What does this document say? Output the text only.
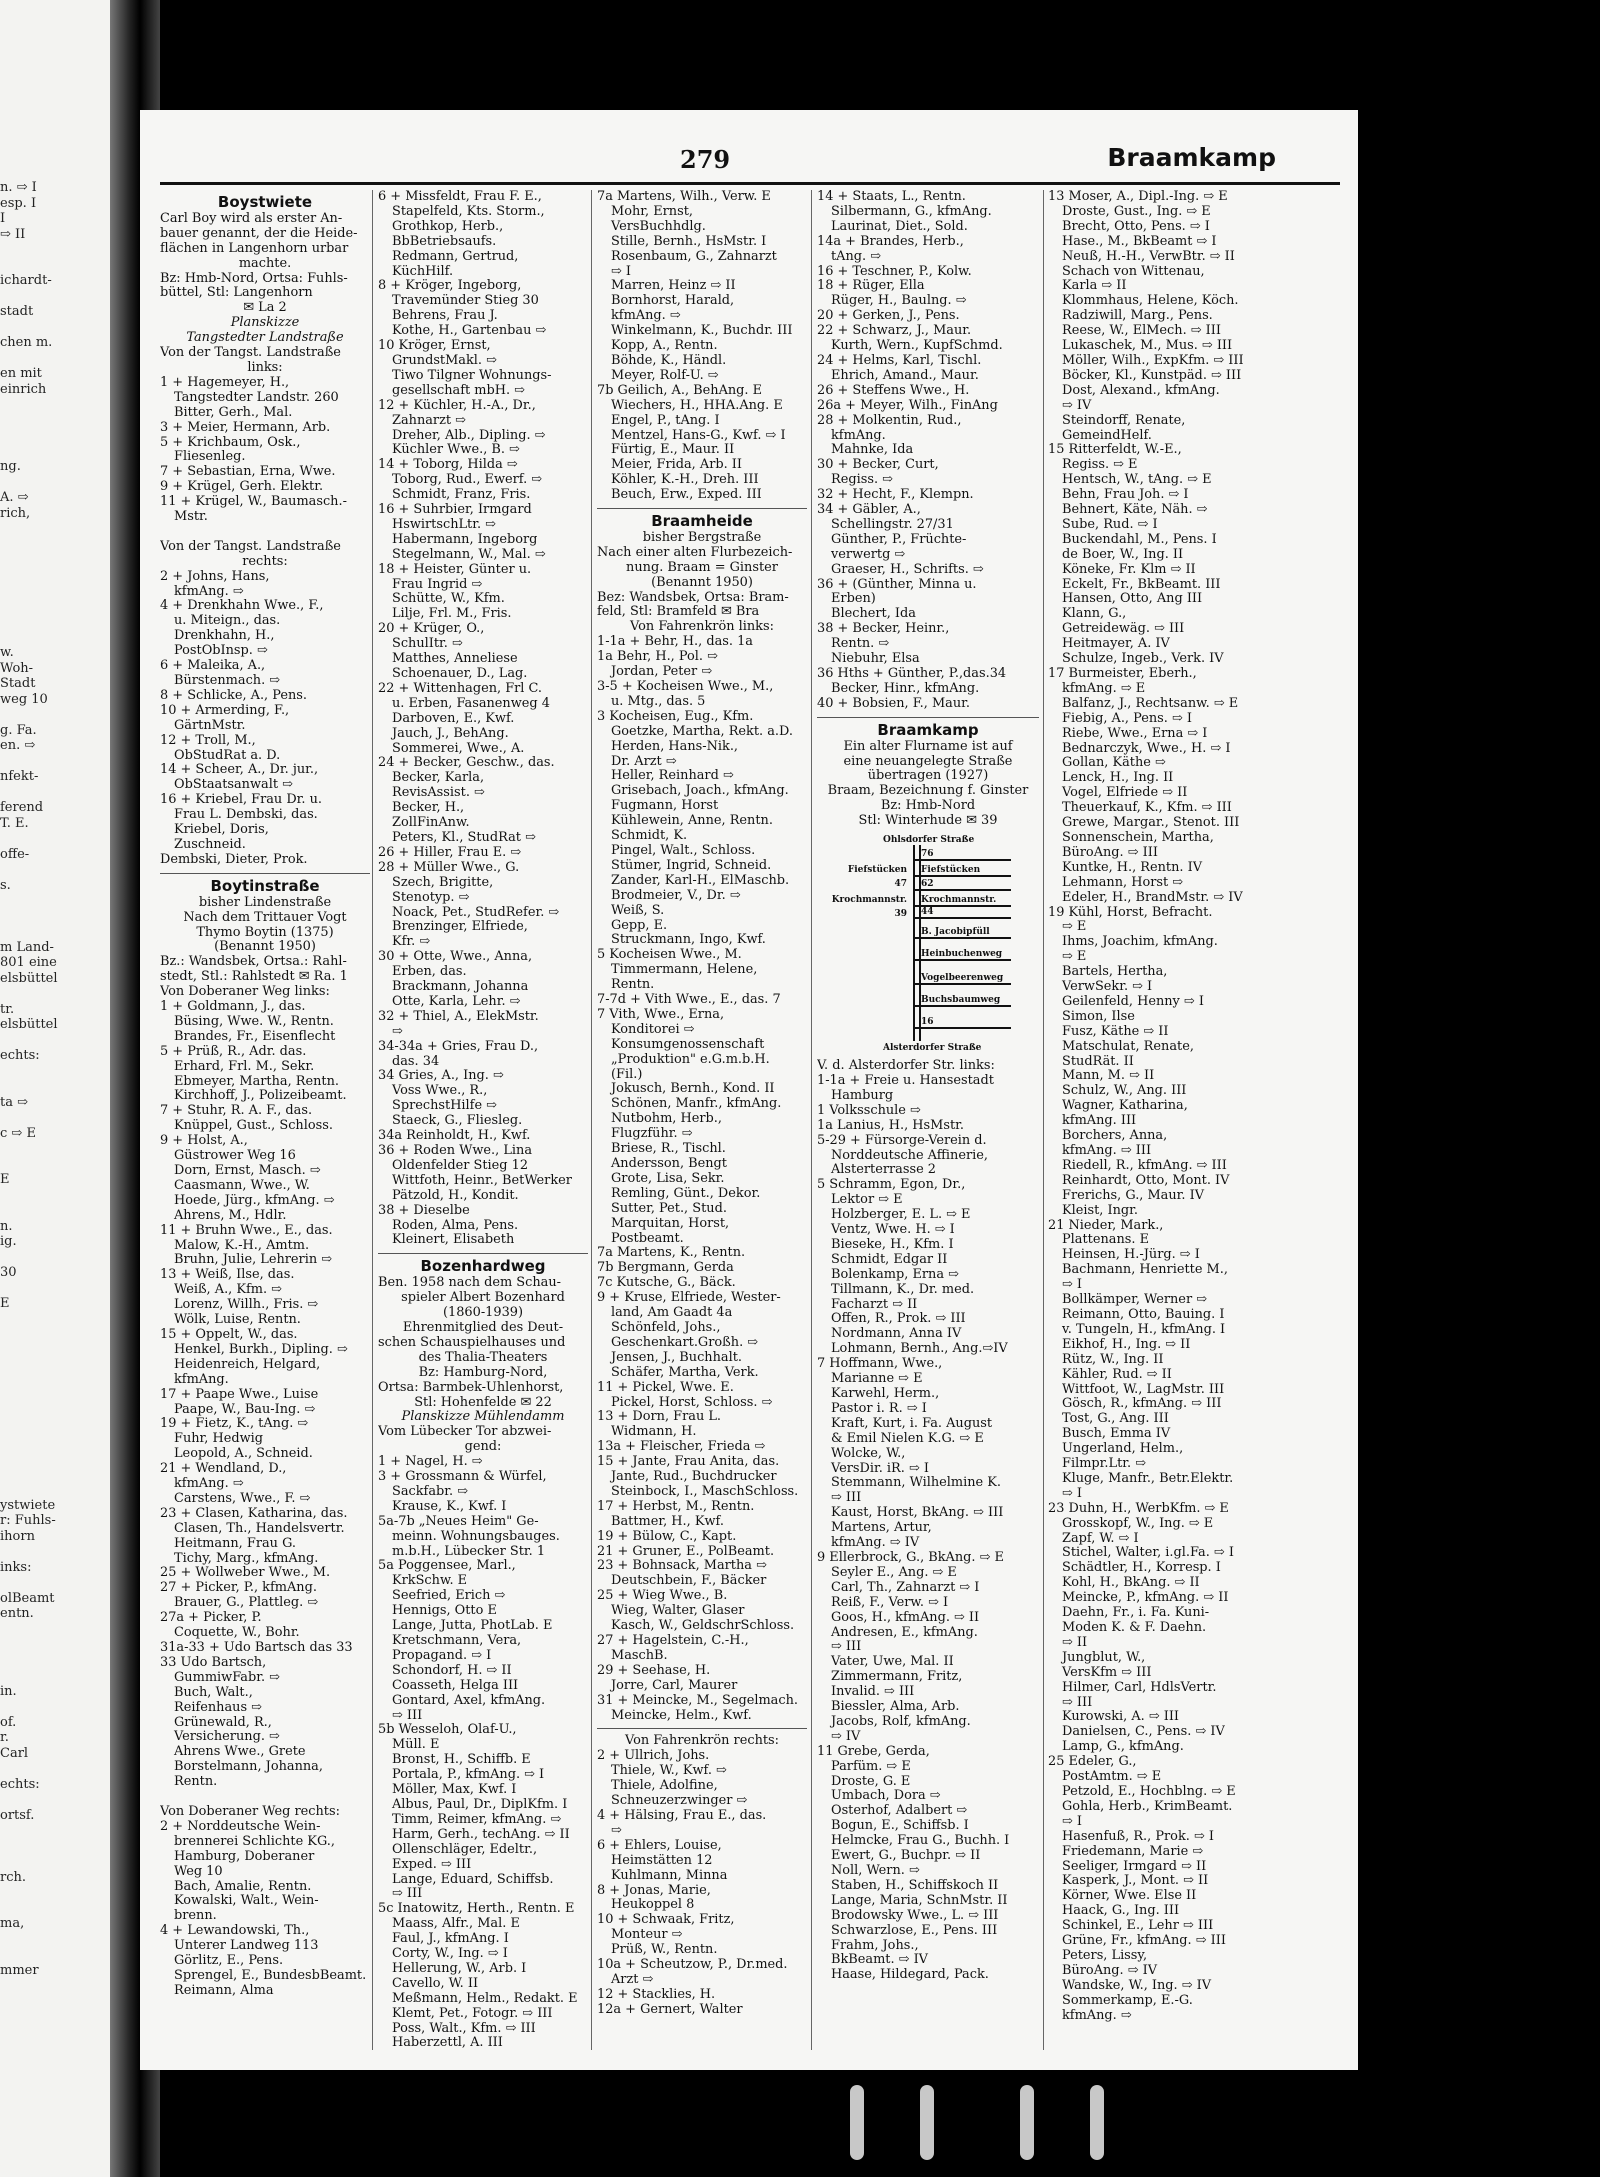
n. ⇨ I
esp. I
I
⇨ II

ichardt-

stadt

chen m.

en mit
einrich

ng.

A. ⇨
rich,

w.
Woh-
Stadt
weg 10

g. Fa.
en. ⇨

nfekt-

ferend
T. E.

offe-

s.

m Land-
801 eine
elsbüttel

tr.
elsbüttel

echts:

ta ⇨

c ⇨ E

E

n.
ig.

30

E

ystwiete
r: Fuhls-
ihorn

inks:

olBeamt
entn.

in.

of.
r.
Carl

echts:

ortsf.

rch.

ma,

mmer
279	Braamkamp
Boystwiete
Carl Boy wird als erster An-
bauer genannt, der die Heide-
flächen in Langenhorn urbar
machte.
Bz: Hmb-Nord, Ortsa: Fuhls-
büttel, Stl: Langenhorn
✉ La 2
Planskizze
Tangstedter Landstraße
Von der Tangst. Landstraße
links:
1 + Hagemeyer, H.,
Tangstedter Landstr. 260
Bitter, Gerh., Mal.
3 + Meier, Hermann, Arb.
5 + Krichbaum, Osk.,
Fliesenleg.
7 + Sebastian, Erna, Wwe.
9 + Krügel, Gerh. Elektr.
11 + Krügel, W., Baumasch.-
Mstr.

Von der Tangst. Landstraße
rechts:
2 + Johns, Hans,
kfmAng. ⇨
4 + Drenkhahn Wwe., F.,
u. Miteign., das.
Drenkhahn, H.,
PostObInsp. ⇨
6 + Maleika, A.,
Bürstenmach. ⇨
8 + Schlicke, A., Pens.
10 + Armerding, F.,
GärtnMstr.
12 + Troll, M.,
ObStudRat a. D.
14 + Scheer, A., Dr. jur.,
ObStaatsanwalt ⇨
16 + Kriebel, Frau Dr. u.
Frau L. Dembski, das.
Kriebel, Doris,
Zuschneid.
Dembski, Dieter, Prok.
Boytinstraße
bisher Lindenstraße
Nach dem Trittauer Vogt
Thymo Boytin (1375)
(Benannt 1950)
Bz.: Wandsbek, Ortsa.: Rahl-
stedt, Stl.: Rahlstedt ✉ Ra. 1
Von Doberaner Weg links:
1 + Goldmann, J., das.
Büsing, Wwe. W., Rentn.
Brandes, Fr., Eisenflecht
5 + Prüß, R., Adr. das.
Erhard, Frl. M., Sekr.
Ebmeyer, Martha, Rentn.
Kirchhoff, J., Polizeibeamt.
7 + Stuhr, R. A. F., das.
Knüppel, Gust., Schloss.
9 + Holst, A.,
Güstrower Weg 16
Dorn, Ernst, Masch. ⇨
Caasmann, Wwe., W.
Hoede, Jürg., kfmAng. ⇨
Ahrens, M., Hdlr.
11 + Bruhn Wwe., E., das.
Malow, K.-H., Amtm.
Bruhn, Julie, Lehrerin ⇨
13 + Weiß, Ilse, das.
Weiß, A., Kfm. ⇨
Lorenz, Willh., Fris. ⇨
Wölk, Luise, Rentn.
15 + Oppelt, W., das.
Henkel, Burkh., Dipling. ⇨
Heidenreich, Helgard,
kfmAng.
17 + Paape Wwe., Luise
Paape, W., Bau-Ing. ⇨
19 + Fietz, K., tAng. ⇨
Fuhr, Hedwig
Leopold, A., Schneid.
21 + Wendland, D.,
kfmAng. ⇨
Carstens, Wwe., F. ⇨
23 + Clasen, Katharina, das.
Clasen, Th., Handelsvertr.
Heitmann, Frau G.
Tichy, Marg., kfmAng.
25 + Wollweber Wwe., M.
27 + Picker, P., kfmAng.
Brauer, G., Plattleg. ⇨
27a + Picker, P.
Coquette, W., Bohr.
31a-33 + Udo Bartsch das 33
33 Udo Bartsch,
GummiwFabr. ⇨
Buch, Walt.,
Reifenhaus ⇨
Grünewald, R.,
Versicherung. ⇨
Ahrens Wwe., Grete
Borstelmann, Johanna,
Rentn.

Von Doberaner Weg rechts:
2 + Norddeutsche Wein-
brennerei Schlichte KG.,
Hamburg, Doberaner
Weg 10
Bach, Amalie, Rentn.
Kowalski, Walt., Wein-
brenn.
4 + Lewandowski, Th.,
Unterer Landweg 113
Görlitz, E., Pens.
Sprengel, E., BundesbBeamt.
Reimann, Alma
6 + Missfeldt, Frau F. E.,
Stapelfeld, Kts. Storm.,
Grothkop, Herb.,
BbBetriebsaufs.
Redmann, Gertrud,
KüchHilf.
8 + Kröger, Ingeborg,
Travemünder Stieg 30
Behrens, Frau J.
Kothe, H., Gartenbau ⇨
10 Kröger, Ernst,
GrundstMakl. ⇨
Tiwo Tilgner Wohnungs-
gesellschaft mbH. ⇨
12 + Küchler, H.-A., Dr.,
Zahnarzt ⇨
Dreher, Alb., Dipling. ⇨
Küchler Wwe., B. ⇨
14 + Toborg, Hilda ⇨
Toborg, Rud., Ewerf. ⇨
Schmidt, Franz, Fris.
16 + Suhrbier, Irmgard
HswirtschLtr. ⇨
Habermann, Ingeborg
Stegelmann, W., Mal. ⇨
18 + Heister, Günter u.
Frau Ingrid ⇨
Schütte, W., Kfm.
Lilje, Frl. M., Fris.
20 + Krüger, O.,
SchulItr. ⇨
Matthes, Anneliese
Schoenauer, D., Lag.
22 + Wittenhagen, Frl C.
u. Erben, Fasanenweg 4
Darboven, E., Kwf.
Jauch, J., BehAng.
Sommerei, Wwe., A.
24 + Becker, Geschw., das.
Becker, Karla,
RevisAssist. ⇨
Becker, H.,
ZollFinAnw.
Peters, Kl., StudRat ⇨
26 + Hiller, Frau E. ⇨
28 + Müller Wwe., G.
Szech, Brigitte,
Stenotyp. ⇨
Noack, Pet., StudRefer. ⇨
Brenzinger, Elfriede,
Kfr. ⇨
30 + Otte, Wwe., Anna,
Erben, das.
Brackmann, Johanna
Otte, Karla, Lehr. ⇨
32 + Thiel, A., ElekMstr.
⇨
34-34a + Gries, Frau D.,
das. 34
34 Gries, A., Ing. ⇨
Voss Wwe., R.,
SprechstHilfe ⇨
Staeck, G., Fliesleg.
34a Reinholdt, H., Kwf.
36 + Roden Wwe., Lina
Oldenfelder Stieg 12
Wittfoth, Heinr., BetWerker
Pätzold, H., Kondit.
38 + Dieselbe
Roden, Alma, Pens.
Kleinert, Elisabeth
Bozenhardweg
Ben. 1958 nach dem Schau-
spieler Albert Bozenhard
(1860-1939)
Ehrenmitglied des Deut-
schen Schauspielhauses und
des Thalia-Theaters
Bz: Hamburg-Nord,
Ortsa: Barmbek-Uhlenhorst,
Stl: Hohenfelde ✉ 22
Planskizze Mühlendamm
Vom Lübecker Tor abzwei-
gend:
1 + Nagel, H. ⇨
3 + Grossmann & Würfel,
Sackfabr. ⇨
Krause, K., Kwf. I
5a-7b „Neues Heim" Ge-
meinn. Wohnungsbauges.
m.b.H., Lübecker Str. 1
5a Poggensee, Marl.,
KrkSchw. E
Seefried, Erich ⇨
Hennigs, Otto E
Lange, Jutta, PhotLab. E
Kretschmann, Vera,
Propagand. ⇨ I
Schondorf, H. ⇨ II
Coasseth, Helga III
Gontard, Axel, kfmAng.
⇨ III
5b Wesseloh, Olaf-U.,
Müll. E
Bronst, H., Schiffb. E
Portala, P., kfmAng. ⇨ I
Möller, Max, Kwf. I
Albus, Paul, Dr., DiplKfm. I
Timm, Reimer, kfmAng. ⇨
Harm, Gerh., techAng. ⇨ II
Ollenschläger, Edeltr.,
Exped. ⇨ III
Lange, Eduard, Schiffsb.
⇨ III
5c Inatowitz, Herth., Rentn. E
Maass, Alfr., Mal. E
Faul, J., kfmAng. I
Corty, W., Ing. ⇨ I
Hellerung, W., Arb. I
Cavello, W. II
Meßmann, Helm., Redakt. E
Klemt, Pet., Fotogr. ⇨ III
Poss, Walt., Kfm. ⇨ III
Haberzettl, A. III
7a Martens, Wilh., Verw. E
Mohr, Ernst,
VersBuchhdlg.
Stille, Bernh., HsMstr. I
Rosenbaum, G., Zahnarzt
⇨ I
Marren, Heinz ⇨ II
Bornhorst, Harald,
kfmAng. ⇨
Winkelmann, K., Buchdr. III
Kopp, A., Rentn.
Böhde, K., Händl.
Meyer, Rolf-U. ⇨
7b Geilich, A., BehAng. E
Wiechers, H., HHA.Ang. E
Engel, P., tAng. I
Mentzel, Hans-G., Kwf. ⇨ I
Fürtig, E., Maur. II
Meier, Frida, Arb. II
Köhler, K.-H., Dreh. III
Beuch, Erw., Exped. III
Braamheide
bisher Bergstraße
Nach einer alten Flurbezeich-
nung. Braam = Ginster
(Benannt 1950)
Bez: Wandsbek, Ortsa: Bram-
feld, Stl: Bramfeld ✉ Bra
Von Fahrenkrön links:
1-1a + Behr, H., das. 1a
1a Behr, H., Pol. ⇨
Jordan, Peter ⇨
3-5 + Kocheisen Wwe., M.,
u. Mtg., das. 5
3 Kocheisen, Eug., Kfm.
Goetzke, Martha, Rekt. a.D.
Herden, Hans-Nik.,
Dr. Arzt ⇨
Heller, Reinhard ⇨
Grisebach, Joach., kfmAng.
Fugmann, Horst
Kühlewein, Anne, Rentn.
Schmidt, K.
Pingel, Walt., Schloss.
Stümer, Ingrid, Schneid.
Zander, Karl-H., ElMaschb.
Brodmeier, V., Dr. ⇨
Weiß, S.
Gepp, E.
Struckmann, Ingo, Kwf.
5 Kocheisen Wwe., M.
Timmermann, Helene,
Rentn.
7-7d + Vith Wwe., E., das. 7
7 Vith, Wwe., Erna,
Konditorei ⇨
Konsumgenossenschaft
„Produktion" e.G.m.b.H.
(Fil.)
Jokusch, Bernh., Kond. II
Schönen, Manfr., kfmAng.
Nutbohm, Herb.,
Flugzführ. ⇨
Briese, R., Tischl.
Andersson, Bengt
Grote, Lisa, Sekr.
Remling, Günt., Dekor.
Sutter, Pet., Stud.
Marquitan, Horst,
Postbeamt.
7a Martens, K., Rentn.
7b Bergmann, Gerda
7c Kutsche, G., Bäck.
9 + Kruse, Elfriede, Wester-
land, Am Gaadt 4a
Schönfeld, Johs.,
Geschenkart.Großh. ⇨
Jensen, J., Buchhalt.
Schäfer, Martha, Verk.
11 + Pickel, Wwe. E.
Pickel, Horst, Schloss. ⇨
13 + Dorn, Frau L.
Widmann, H.
13a + Fleischer, Frieda ⇨
15 + Jante, Frau Anita, das.
Jante, Rud., Buchdrucker
Steinbock, I., MaschSchloss.
17 + Herbst, M., Rentn.
Battmer, H., Kwf.
19 + Bülow, C., Kapt.
21 + Gruner, E., PolBeamt.
23 + Bohnsack, Martha ⇨
Deutschbein, F., Bäcker
25 + Wieg Wwe., B.
Wieg, Walter, Glaser
Kasch, W., GeldschrSchloss.
27 + Hagelstein, C.-H.,
MaschB.
29 + Seehase, H.
Jorre, Carl, Maurer
31 + Meincke, M., Segelmach.
Meincke, Helm., Kwf.
Von Fahrenkrön rechts:
2 + Ullrich, Johs.
Thiele, W., Kwf. ⇨
Thiele, Adolfine,
Schneuzerzwinger ⇨
4 + Hälsing, Frau E., das.
⇨
6 + Ehlers, Louise,
Heimstätten 12
Kuhlmann, Minna
8 + Jonas, Marie,
Heukoppel 8
10 + Schwaak, Fritz,
Monteur ⇨
Prüß, W., Rentn.
10a + Scheutzow, P., Dr.med.
Arzt ⇨
12 + Stacklies, H.
12a + Gernert, Walter
14 + Staats, L., Rentn.
Silbermann, G., kfmAng.
Laurinat, Diet., Sold.
14a + Brandes, Herb.,
tAng. ⇨
16 + Teschner, P., Kolw.
18 + Rüger, Ella
Rüger, H., Baulng. ⇨
20 + Gerken, J., Pens.
22 + Schwarz, J., Maur.
Kurth, Wern., KupfSchmd.
24 + Helms, Karl, Tischl.
Ehrich, Amand., Maur.
26 + Steffens Wwe., H.
26a + Meyer, Wilh., FinAng
28 + Molkentin, Rud.,
kfmAng.
Mahnke, Ida
30 + Becker, Curt,
Regiss. ⇨
32 + Hecht, F., Klempn.
34 + Gäbler, A.,
Schellingstr. 27/31
Günther, P., Früchte-
verwertg ⇨
Graeser, H., Schrifts. ⇨
36 + (Günther, Minna u.
Erben)
Blechert, Ida
38 + Becker, Heinr.,
Rentn. ⇨
Niebuhr, Elsa
36 Hths + Günther, P.,das.34
Becker, Hinr., kfmAng.
40 + Bobsien, F., Maur.
Braamkamp
Ein alter Flurname ist auf
eine neuangelegte Straße
übertragen (1927)
Braam, Bezeichnung f. Ginster
Bz: Hmb-Nord
Stl: Winterhude ✉ 39
Ohlsdorfer Straße
76
Fiefstücken
62
Krochmannstr.
44
B. Jacobipfüll
Heinbuchenweg
Vogelbeerenweg
Buchsbaumweg
16
Fiefstücken
47
Krochmannstr.
39
Alsterdorfer Straße
V. d. Alsterdorfer Str. links:
1-1a + Freie u. Hansestadt
Hamburg
1 Volksschule ⇨
1a Lanius, H., HsMstr.
5-29 + Fürsorge-Verein d.
Norddeutsche Affinerie,
Alsterterrasse 2
5 Schramm, Egon, Dr.,
Lektor ⇨ E
Holzberger, E. L. ⇨ E
Ventz, Wwe. H. ⇨ I
Bieseke, H., Kfm. I
Schmidt, Edgar II
Bolenkamp, Erna ⇨
Tillmann, K., Dr. med.
Facharzt ⇨ II
Offen, R., Prok. ⇨ III
Nordmann, Anna IV
Lohmann, Bernh., Ang.⇨IV
7 Hoffmann, Wwe.,
Marianne ⇨ E
Karwehl, Herm.,
Pastor i. R. ⇨ I
Kraft, Kurt, i. Fa. August
& Emil Nielen K.G. ⇨ E
Wolcke, W.,
VersDir. iR. ⇨ I
Stemmann, Wilhelmine K.
⇨ III
Kaust, Horst, BkAng. ⇨ III
Martens, Artur,
kfmAng. ⇨ IV
9 Ellerbrock, G., BkAng. ⇨ E
Seyler E., Ang. ⇨ E
Carl, Th., Zahnarzt ⇨ I
Reiß, F., Verw. ⇨ I
Goos, H., kfmAng. ⇨ II
Andresen, E., kfmAng.
⇨ III
Vater, Uwe, Mal. II
Zimmermann, Fritz,
Invalid. ⇨ III
Biessler, Alma, Arb.
Jacobs, Rolf, kfmAng.
⇨ IV
11 Grebe, Gerda,
Parfüm. ⇨ E
Droste, G. E
Umbach, Dora ⇨
Osterhof, Adalbert ⇨
Bogun, E., Schiffsb. I
Helmcke, Frau G., Buchh. I
Ewert, G., Buchpr. ⇨ II
Noll, Wern. ⇨
Staben, H., Schiffskoch II
Lange, Maria, SchnMstr. II
Brodowsky Wwe., L. ⇨ III
Schwarzlose, E., Pens. III
Frahm, Johs.,
BkBeamt. ⇨ IV
Haase, Hildegard, Pack.
13 Moser, A., Dipl.-Ing. ⇨ E
Droste, Gust., Ing. ⇨ E
Brecht, Otto, Pens. ⇨ I
Hase., M., BkBeamt ⇨ I
Neuß, H.-H., VerwBtr. ⇨ II
Schach von Wittenau,
Karla ⇨ II
Klommhaus, Helene, Köch.
Radziwill, Marg., Pens.
Reese, W., ElMech. ⇨ III
Lukaschek, M., Mus. ⇨ III
Möller, Wilh., ExpKfm. ⇨ III
Böcker, Kl., Kunstpäd. ⇨ III
Dost, Alexand., kfmAng.
⇨ IV
Steindorff, Renate,
GemeindHelf.
15 Ritterfeldt, W.-E.,
Regiss. ⇨ E
Hentsch, W., tAng. ⇨ E
Behn, Frau Joh. ⇨ I
Behnert, Käte, Näh. ⇨
Sube, Rud. ⇨ I
Buckendahl, M., Pens. I
de Boer, W., Ing. II
Köneke, Fr. Klm ⇨ II
Eckelt, Fr., BkBeamt. III
Hansen, Otto, Ang III
Klann, G.,
Getreidewäg. ⇨ III
Heitmayer, A. IV
Schulze, Ingeb., Verk. IV
17 Burmeister, Eberh.,
kfmAng. ⇨ E
Balfanz, J., Rechtsanw. ⇨ E
Fiebig, A., Pens. ⇨ I
Riebe, Wwe., Erna ⇨ I
Bednarczyk, Wwe., H. ⇨ I
Gollan, Käthe ⇨
Lenck, H., Ing. II
Vogel, Elfriede ⇨ II
Theuerkauf, K., Kfm. ⇨ III
Grewe, Margar., Stenot. III
Sonnenschein, Martha,
BüroAng. ⇨ III
Kuntke, H., Rentn. IV
Lehmann, Horst ⇨
Edeler, H., BrandMstr. ⇨ IV
19 Kühl, Horst, Befracht.
⇨ E
Ihms, Joachim, kfmAng.
⇨ E
Bartels, Hertha,
VerwSekr. ⇨ I
Geilenfeld, Henny ⇨ I
Simon, Ilse
Fusz, Käthe ⇨ II
Matschulat, Renate,
StudRät. II
Mann, M. ⇨ II
Schulz, W., Ang. III
Wagner, Katharina,
kfmAng. III
Borchers, Anna,
kfmAng. ⇨ III
Riedell, R., kfmAng. ⇨ III
Reinhardt, Otto, Mont. IV
Frerichs, G., Maur. IV
Kleist, Ingr.
21 Nieder, Mark.,
Plattenans. E
Heinsen, H.-Jürg. ⇨ I
Bachmann, Henriette M.,
⇨ I
Bollkämper, Werner ⇨
Reimann, Otto, Bauing. I
v. Tungeln, H., kfmAng. I
Eikhof, H., Ing. ⇨ II
Rütz, W., Ing. II
Kähler, Rud. ⇨ II
Wittfoot, W., LagMstr. III
Gösch, R., kfmAng. ⇨ III
Tost, G., Ang. III
Busch, Emma IV
Ungerland, Helm.,
Filmpr.Ltr. ⇨
Kluge, Manfr., Betr.Elektr.
⇨ I
23 Duhn, H., WerbKfm. ⇨ E
Grosskopf, W., Ing. ⇨ E
Zapf, W. ⇨ I
Stichel, Walter, i.gl.Fa. ⇨ I
Schädtler, H., Korresp. I
Kohl, H., BkAng. ⇨ II
Meincke, P., kfmAng. ⇨ II
Daehn, Fr., i. Fa. Kuni-
Moden K. & F. Daehn.
⇨ II
Jungblut, W.,
VersKfm ⇨ III
Hilmer, Carl, HdlsVertr.
⇨ III
Kurowski, A. ⇨ III
Danielsen, C., Pens. ⇨ IV
Lamp, G., kfmAng.
25 Edeler, G.,
PostAmtm. ⇨ E
Petzold, E., Hochblng. ⇨ E
Gohla, Herb., KrimBeamt.
⇨ I
Hasenfuß, R., Prok. ⇨ I
Friedemann, Marie ⇨
Seeliger, Irmgard ⇨ II
Kasperk, J., Mont. ⇨ II
Körner, Wwe. Else II
Haack, G., Ing. III
Schinkel, E., Lehr ⇨ III
Grüne, Fr., kfmAng. ⇨ III
Peters, Lissy,
BüroAng. ⇨ IV
Wandske, W., Ing. ⇨ IV
Sommerkamp, E.-G.
kfmAng. ⇨
